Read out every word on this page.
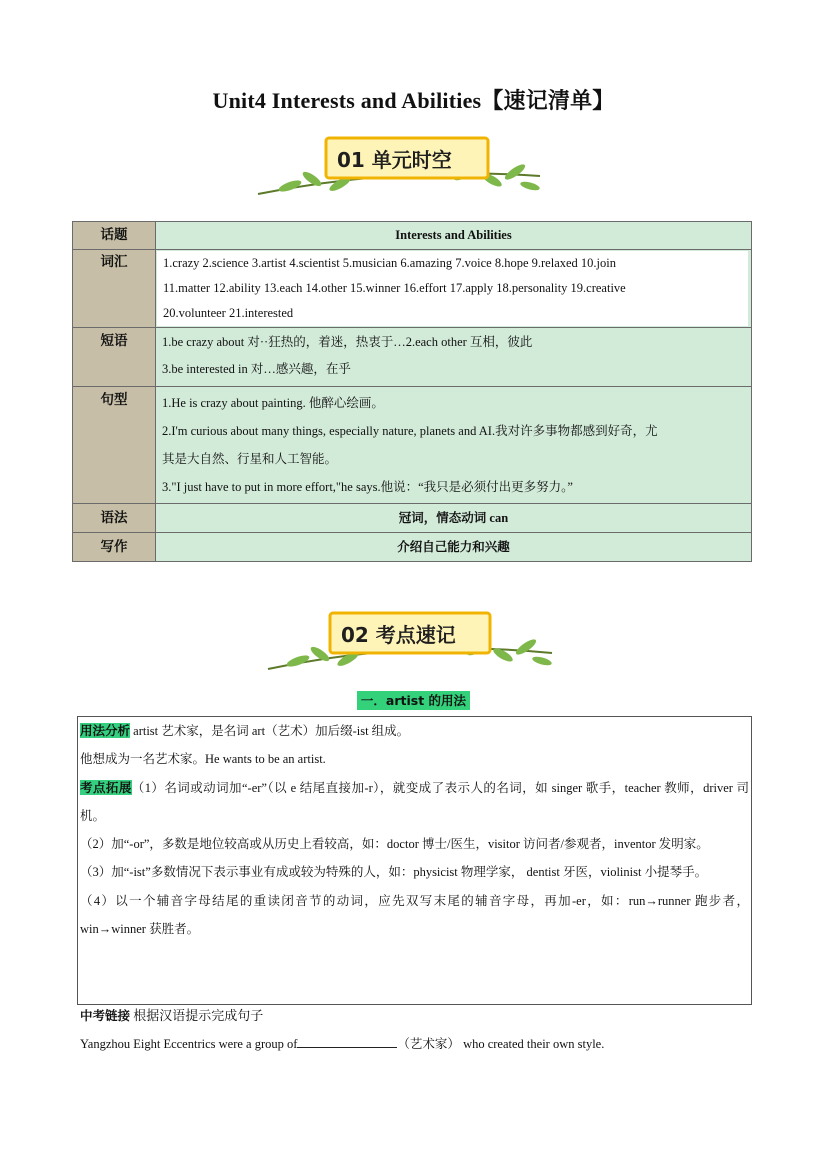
Unit4 Interests and Abilities【速记清单】
01 单元时空
话题	Interests and Abilities

词汇	1.crazy 2.science 3.artist 4.scientist 5.musician 6.amazing 7.voice 8.hope 9.relaxed 10.join
11.matter 12.ability 13.each 14.other 15.winner 16.effort 17.apply 18.personality 19.creative
20.volunteer 21.interested

短语	1.be crazy about 对··狂热的，着迷，热衷于…2.each other 互相，彼此
3.be interested in 对…感兴趣，在乎

句型	1.He is crazy about painting. 他醉心绘画。
2.I'm curious about many things, especially nature, planets and AI.我对许多事物都感到好奇，尤
其是大自然、行星和人工智能。
3."I just have to put in more effort,"he says.他说：“我只是必须付出更多努力。”

语法	冠词，情态动词 can

写作	介绍自己能力和兴趣
02 考点速记
一．artist 的用法

用法分析 artist 艺术家，是名词 art（艺术）加后缀-ist 组成。

他想成为一名艺术家。He wants to be an artist.

考点拓展（1）名词或动词加“-er”（以 e 结尾直接加-r），就变成了表示人的名词，如 singer 歌手，teacher 教师，driver 司机。

（2）加“-or”，多数是地位较高或从历史上看较高，如：doctor 博士/医生，visitor 访问者/参观者，inventor 发明家。

（3）加“-ist”多数情况下表示事业有成或较为特殊的人，如：physicist 物理学家， dentist 牙医，violinist 小提琴手。

（4）以一个辅音字母结尾的重读闭音节的动词，应先双写末尾的辅音字母，再加-er，如：run→runner 跑步者，win→winner 获胜者。

中考链接 根据汉语提示完成句子
Yangzhou Eight Eccentrics were a group of	（艺术家） who created their own style.
